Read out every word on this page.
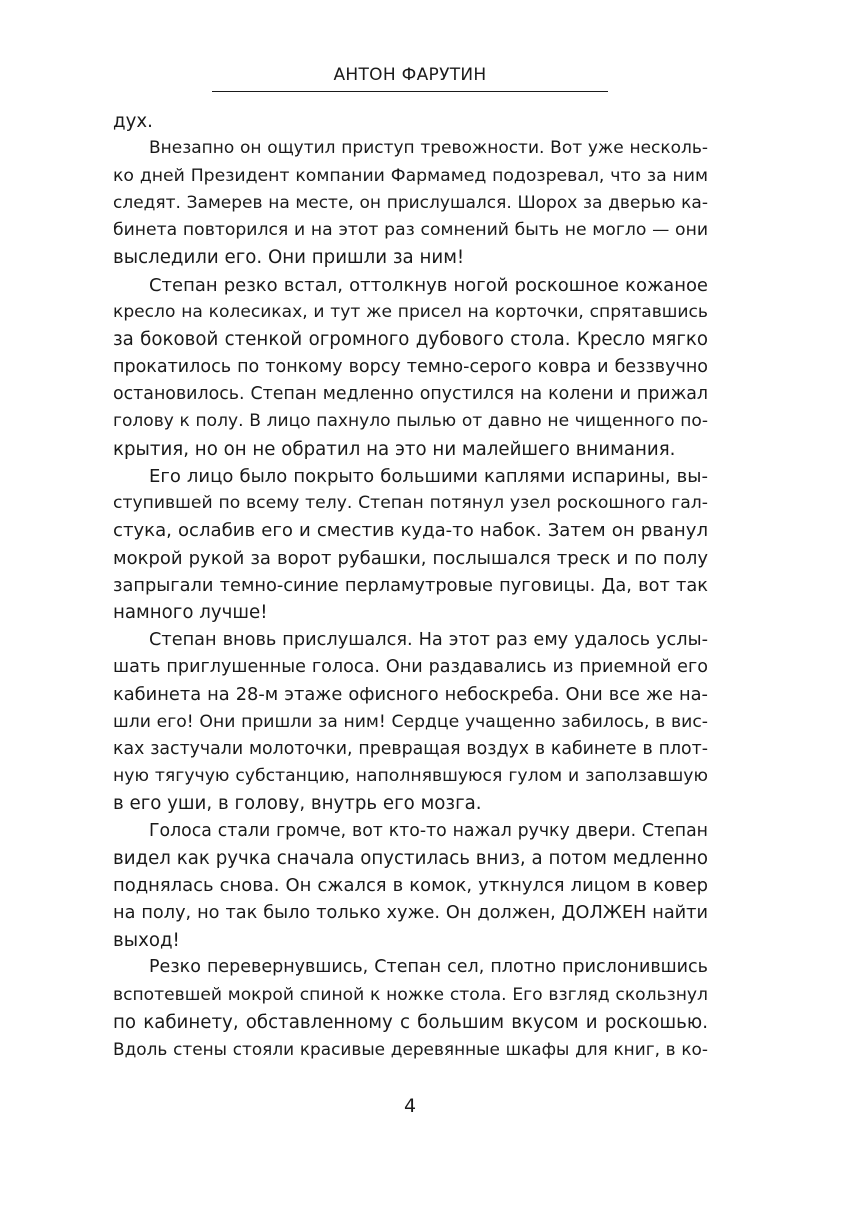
АНТОН ФАРУТИН
дух.
Внезапно он ощутил приступ тревожности. Вот уже несколь-
ко дней Президент компании Фармамед подозревал, что за ним
следят. Замерев на месте, он прислушался. Шорох за дверью ка-
бинета повторился и на этот раз сомнений быть не могло — они
выследили его. Они пришли за ним!
Степан резко встал, оттолкнув ногой роскошное кожаное
кресло на колесиках, и тут же присел на корточки, спрятавшись
за боковой стенкой огромного дубового стола. Кресло мягко
прокатилось по тонкому ворсу темно-серого ковра и беззвучно
остановилось. Степан медленно опустился на колени и прижал
голову к полу. В лицо пахнуло пылью от давно не чищенного по-
крытия, но он не обратил на это ни малейшего внимания.
Его лицо было покрыто большими каплями испарины, вы-
ступившей по всему телу. Степан потянул узел роскошного гал-
стука, ослабив его и сместив куда-то набок. Затем он рванул
мокрой рукой за ворот рубашки, послышался треск и по полу
запрыгали темно-синие перламутровые пуговицы. Да, вот так
намного лучше!
Степан вновь прислушался. На этот раз ему удалось услы-
шать приглушенные голоса. Они раздавались из приемной его
кабинета на 28-м этаже офисного небоскреба. Они все же на-
шли его! Они пришли за ним! Сердце учащенно забилось, в вис-
ках застучали молоточки, превращая воздух в кабинете в плот-
ную тягучую субстанцию, наполнявшуюся гулом и заползавшую
в его уши, в голову, внутрь его мозга.
Голоса стали громче, вот кто-то нажал ручку двери. Степан
видел как ручка сначала опустилась вниз, а потом медленно
поднялась снова. Он сжался в комок, уткнулся лицом в ковер
на полу, но так было только хуже. Он должен, ДОЛЖЕН найти
выход!
Резко перевернувшись, Степан сел, плотно прислонившись
вспотевшей мокрой спиной к ножке стола. Его взгляд скользнул
по кабинету, обставленному с большим вкусом и роскошью.
Вдоль стены стояли красивые деревянные шкафы для книг, в ко-
4
